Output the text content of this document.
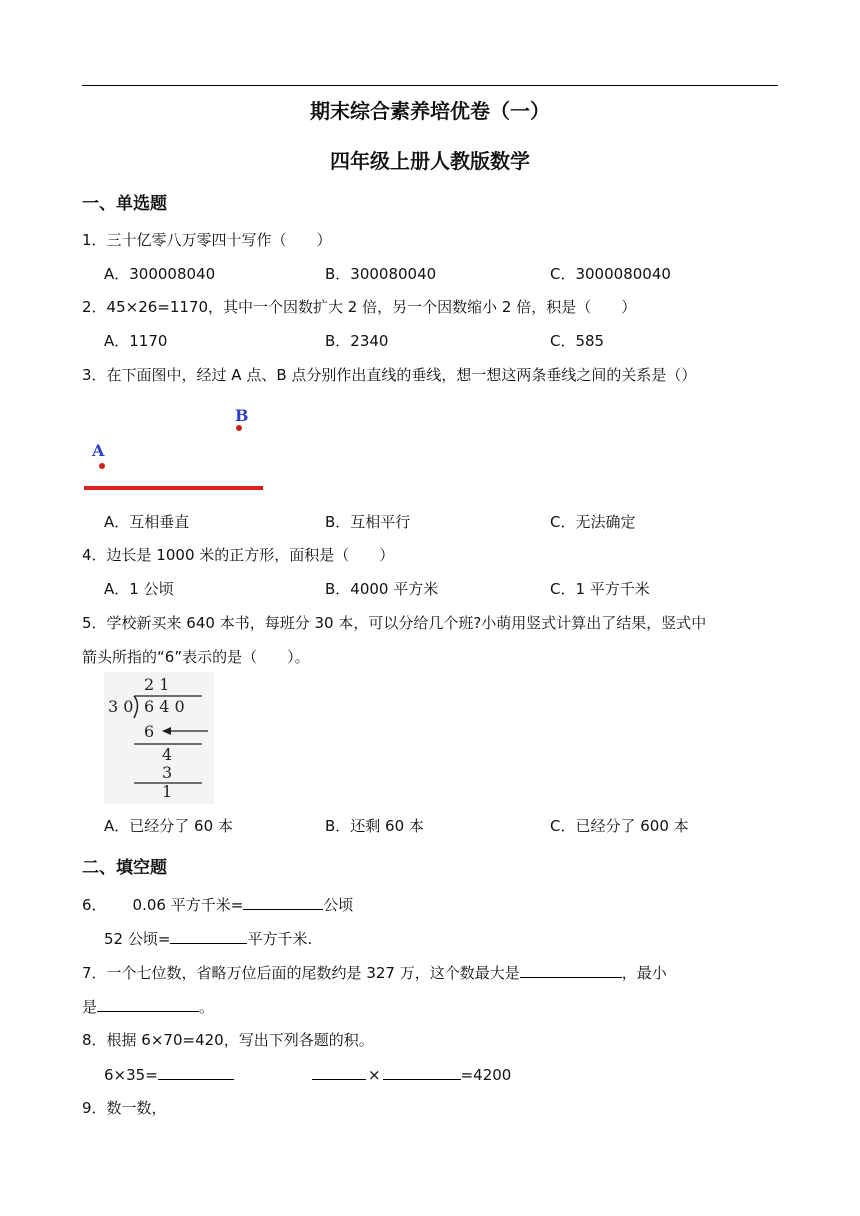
期末综合素养培优卷（一）
四年级上册人教版数学
一、单选题
1．三十亿零八万零四十写作（　　）
A．300008040	B．300080040	C．3000080040
2．45×26=1170，其中一个因数扩大 2 倍，另一个因数缩小 2 倍，积是（　　）
A．1170	B．2340	C．585
3．在下面图中，经过 A 点、B 点分别作出直线的垂线，想一想这两条垂线之间的关系是（）
B
A
A．互相垂直	B．互相平行	C．无法确定
4．边长是 1000 米的正方形，面积是（　　）
A．1 公顷	B．4000 平方米	C．1 平方千米
5．学校新买来 640 本书，每班分 30 本，可以分给几个班?小萌用竖式计算出了结果，竖式中
箭头所指的“6”表示的是（　　）。
2 1
3 0 6 4 0
6
4
3
1
A．已经分了 60 本	B．还剩 60 本	C．已经分了 600 本
二、填空题
6． 0.06 平方千米=	公顷
52 公顷=	平方千米.
7．一个七位数，省略万位后面的尾数约是 327 万，这个数最大是	，最小
是	。
8．根据 6×70=420，写出下列各题的积。
6×35=	×	=4200
9．数一数，
